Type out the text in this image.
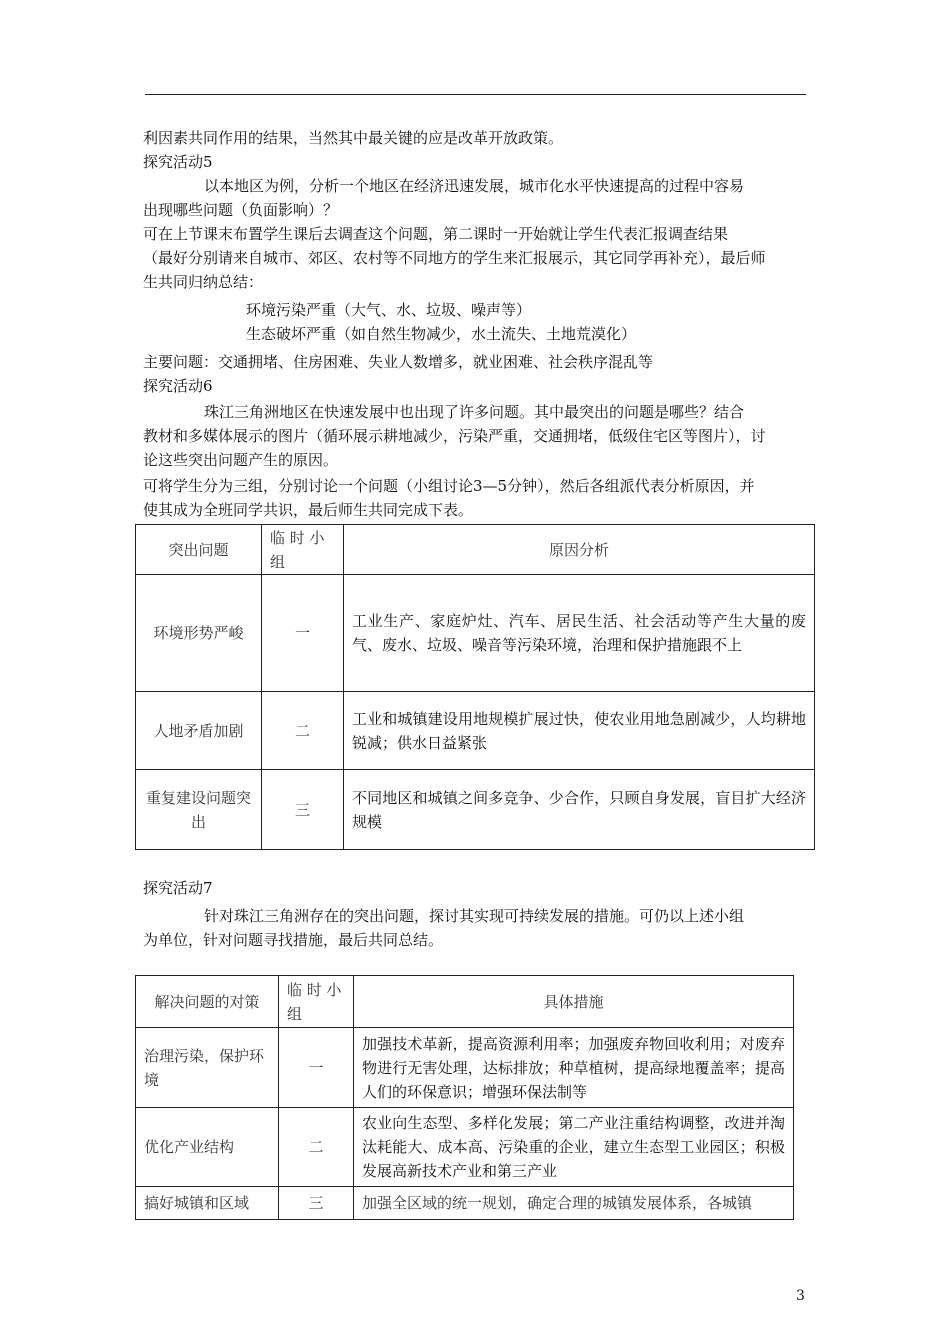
利因素共同作用的结果，当然其中最关键的应是改革开放政策。

探究活动5

以本地区为例，分析一个地区在经济迅速发展，城市化水平快速提高的过程中容易

出现哪些问题（负面影响）？

可在上节课末布置学生课后去调查这个问题，第二课时一开始就让学生代表汇报调查结果

（最好分别请来自城市、郊区、农村等不同地方的学生来汇报展示，其它同学再补充），最后师

生共同归纳总结：

环境污染严重（大气、水、垃圾、噪声等）

生态破坏严重（如自然生物减少，水土流失、土地荒漠化）

主要问题：交通拥堵、住房困难、失业人数增多，就业困难、社会秩序混乱等

探究活动6

珠江三角洲地区在快速发展中也出现了许多问题。其中最突出的问题是哪些？结合

教材和多媒体展示的图片（循环展示耕地减少，污染严重，交通拥堵，低级住宅区等图片），讨

论这些突出问题产生的原因。

可将学生分为三组，分别讨论一个问题（小组讨论3—5分钟），然后各组派代表分析原因，并

使其成为全班同学共识，最后师生共同完成下表。

突出问题	临 时 小 组	原因分析
环境形势严峻	一	工业生产、家庭炉灶、汽车、居民生活、社会活动等产生大量的废气、废水、垃圾、噪音等污染环境，治理和保护措施跟不上
人地矛盾加剧	二	工业和城镇建设用地规模扩展过快，使农业用地急剧减少，人均耕地锐减；供水日益紧张
重复建设问题突出	三	不同地区和城镇之间多竞争、少合作，只顾自身发展，盲目扩大经济规模

探究活动7

针对珠江三角洲存在的突出问题，探讨其实现可持续发展的措施。可仍以上述小组

为单位，针对问题寻找措施，最后共同总结。

解决问题的对策	临 时 小 组	具体措施
治理污染，保护环境	一	加强技术革新，提高资源利用率；加强废弃物回收利用；对废弃物进行无害处理，达标排放；种草植树，提高绿地覆盖率；提高人们的环保意识；增强环保法制等
优化产业结构	二	农业向生态型、多样化发展；第二产业注重结构调整，改进并淘汰耗能大、成本高、污染重的企业，建立生态型工业园区；积极发展高新技术产业和第三产业
搞好城镇和区域	三	加强全区域的统一规划，确定合理的城镇发展体系，各城镇
3
